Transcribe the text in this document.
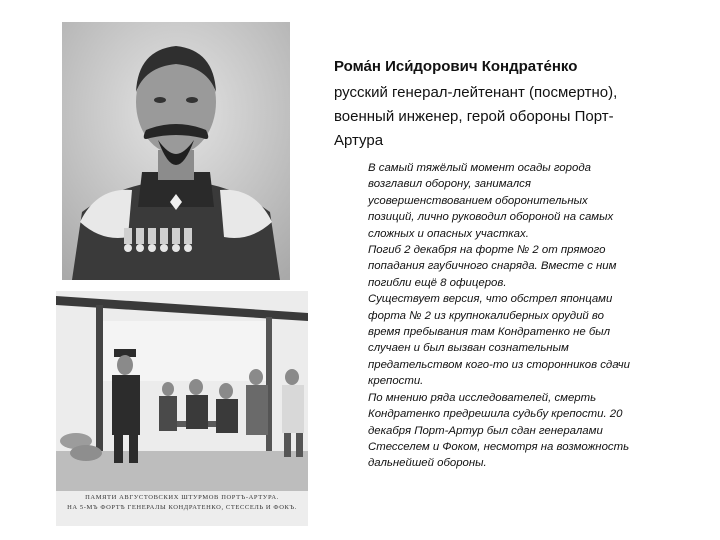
ПАМЯТИ АВГУСТОВСКИХ ШТУРМОВ ПОРТЪ-АРТУРА.
НА 5-МЪ ФОРТѢ ГЕНЕРАЛЫ КОНДРАТЕНКО, СТЕССЕЛЬ И ФОКЪ.
Рома́н Иси́дорович Кондрате́нко
русский генерал-лейтенант (посмертно),
военный инженер, герой обороны Порт-
Артура
В самый тяжёлый момент осады города
возглавил оборону, занимался
усовершенствованием оборонительных
позиций, лично руководил обороной на самых
сложных и опасных участках.
Погиб 2 декабря на форте № 2 от прямого
попадания гаубичного снаряда. Вместе с ним
погибли ещё 8 офицеров.
Существует версия, что обстрел японцами
форта № 2 из крупнокалиберных орудий во
время пребывания там Кондратенко не был
случаен и был вызван сознательным
предательством кого-то из сторонников сдачи
крепости.
По мнению ряда исследователей, смерть
Кондратенко предрешила судьбу крепости. 20
декабря Порт-Артур был сдан генералами
Стесселем и Фоком, несмотря на возможность
дальнейшей обороны.
